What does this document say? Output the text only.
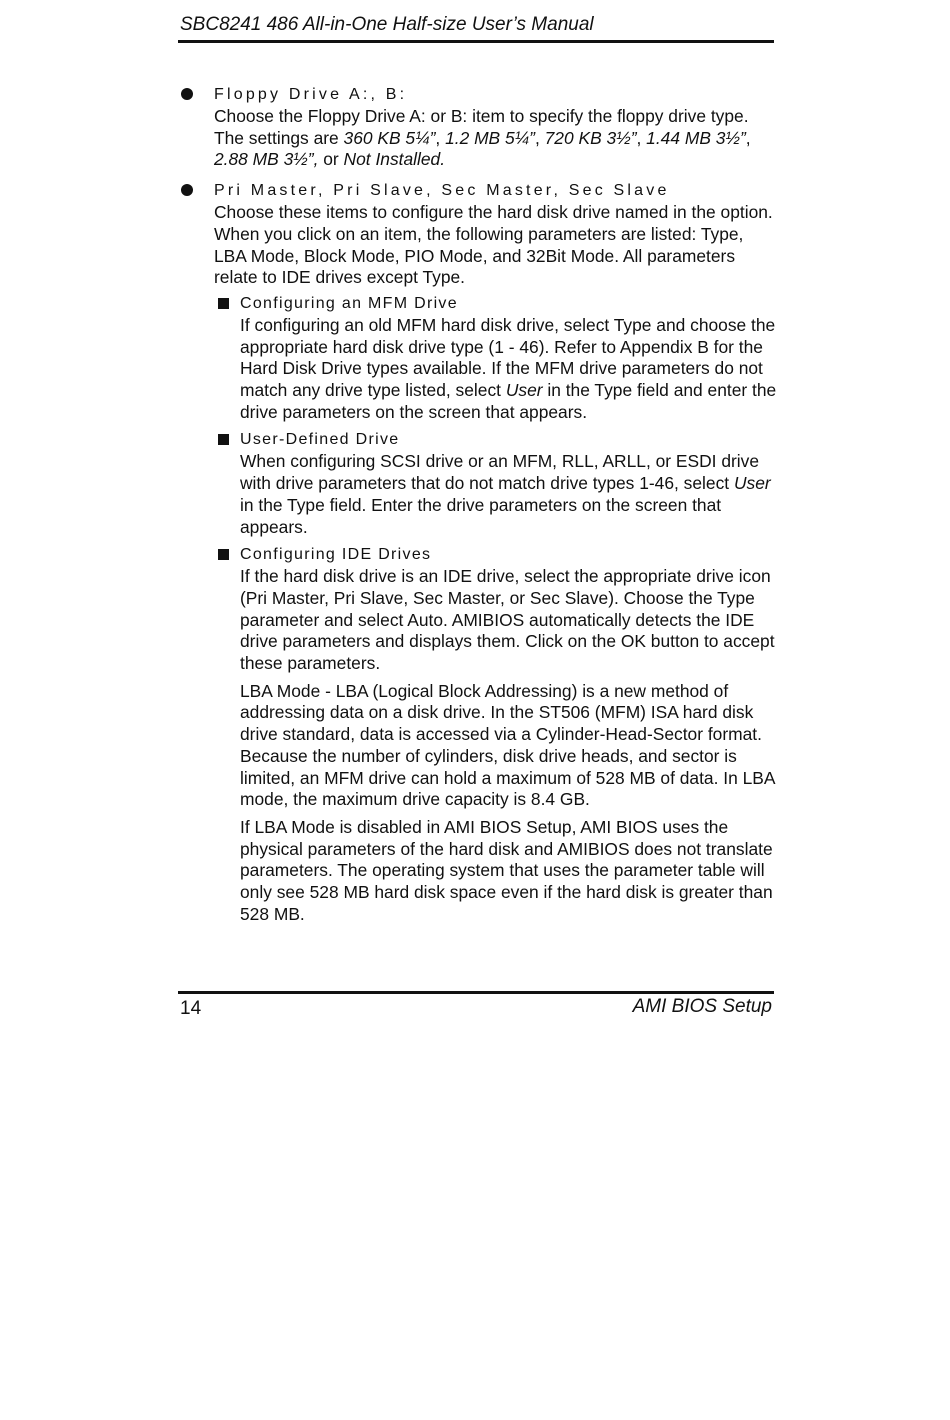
SBC8241 486 All-in-One Half-size User’s Manual
Floppy Drive A:, B:
Choose the Floppy Drive A: or B: item to specify the floppy drive type.
The settings are 360 KB 5¼”, 1.2 MB 5¼”, 720 KB 3½”, 1.44 MB 3½”,
2.88 MB 3½”, or Not Installed.
Pri Master, Pri Slave, Sec Master, Sec Slave
Choose these items to configure the hard disk drive named in the option. When you click on an item, the following parameters are listed: Type, LBA Mode, Block Mode, PIO Mode, and 32Bit Mode. All parameters relate to IDE drives except Type.
Configuring an MFM Drive
If configuring an old MFM hard disk drive, select Type and choose the appropriate hard disk drive type (1 - 46). Refer to Appendix B for the Hard Disk Drive types available. If the MFM drive parameters do not match any drive type listed, select User in the Type field and enter the drive parameters on the screen that appears.
User-Defined Drive
When configuring SCSI drive or an MFM, RLL, ARLL, or ESDI drive with drive parameters that do not match drive types 1-46, select User in the Type field. Enter the drive parameters on the screen that appears.
Configuring IDE Drives
If the hard disk drive is an IDE drive, select the appropriate drive icon (Pri Master, Pri Slave, Sec Master, or Sec Slave). Choose the Type parameter and select Auto. AMIBIOS automatically detects the IDE drive parameters and displays them. Click on the OK button to accept these parameters.
LBA Mode - LBA (Logical Block Addressing) is a new method of addressing data on a disk drive. In the ST506 (MFM) ISA hard disk drive standard, data is accessed via a Cylinder-Head-Sector format. Because the number of cylinders, disk drive heads, and sector is limited, an MFM drive can hold a maximum of 528 MB of data. In LBA mode, the maximum drive capacity is 8.4 GB.
If LBA Mode is disabled in AMI BIOS Setup, AMI BIOS uses the physical parameters of the hard disk and AMIBIOS does not translate parameters. The operating system that uses the parameter table will only see 528 MB hard disk space even if the hard disk is greater than 528 MB.
14	AMI BIOS Setup
